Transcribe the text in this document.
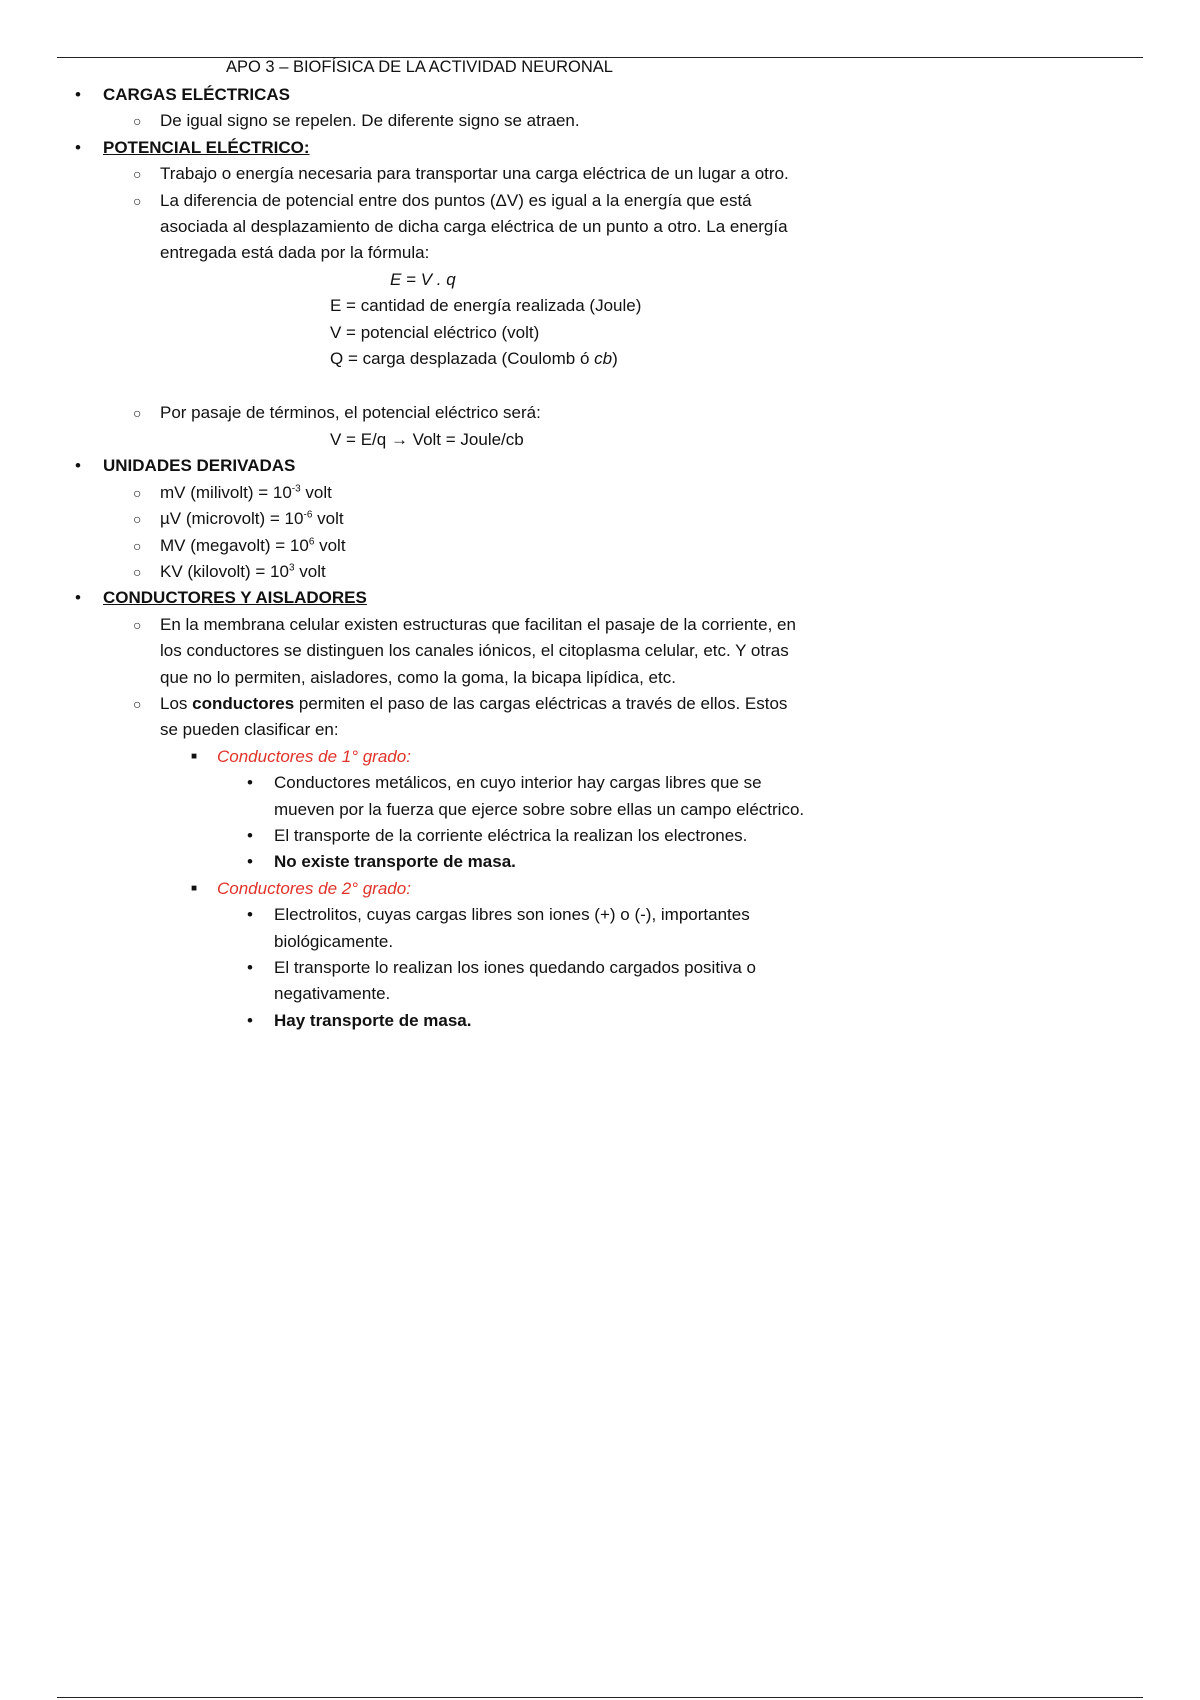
APO 3 – BIOFÍSICA DE LA ACTIVIDAD NEURONAL
• CARGAS ELÉCTRICAS
○ De igual signo se repelen. De diferente signo se atraen.
• POTENCIAL ELÉCTRICO:
○ Trabajo o energía necesaria para transportar una carga eléctrica de un lugar a otro.
○ La diferencia de potencial entre dos puntos (ΔV) es igual a la energía que está asociada al desplazamiento de dicha carga eléctrica de un punto a otro. La energía entregada está dada por la fórmula:
E = V . q
E = cantidad de energía realizada (Joule)
V = potencial eléctrico (volt)
Q = carga desplazada (Coulomb ó cb)
○ Por pasaje de términos, el potencial eléctrico será:
V = E/q → Volt = Joule/cb
• UNIDADES DERIVADAS
○ mV (milivolt) = $10^{-3}$ volt
○ µV (microvolt) = $10^{-6}$ volt
○ MV (megavolt) = $10^6$ volt
○ KV (kilovolt) = $10^3$ volt
• CONDUCTORES Y AISLADORES
○ En la membrana celular existen estructuras que facilitan el pasaje de la corriente, en los conductores se distinguen los canales iónicos, el citoplasma celular, etc. Y otras que no lo permiten, aisladores, como la goma, la bicapa lipídica, etc.
○ Los conductores permiten el paso de las cargas eléctricas a través de ellos. Estos se pueden clasificar en:
■ Conductores de 1° grado:
• Conductores metálicos, en cuyo interior hay cargas libres que se mueven por la fuerza que ejerce sobre sobre ellas un campo eléctrico.
• El transporte de la corriente eléctrica la realizan los electrones.
• No existe transporte de masa.
■ Conductores de 2° grado:
• Electrolitos, cuyas cargas libres son iones (+) o (-), importantes biológicamente.
• El transporte lo realizan los iones quedando cargados positiva o negativamente.
• Hay transporte de masa.
